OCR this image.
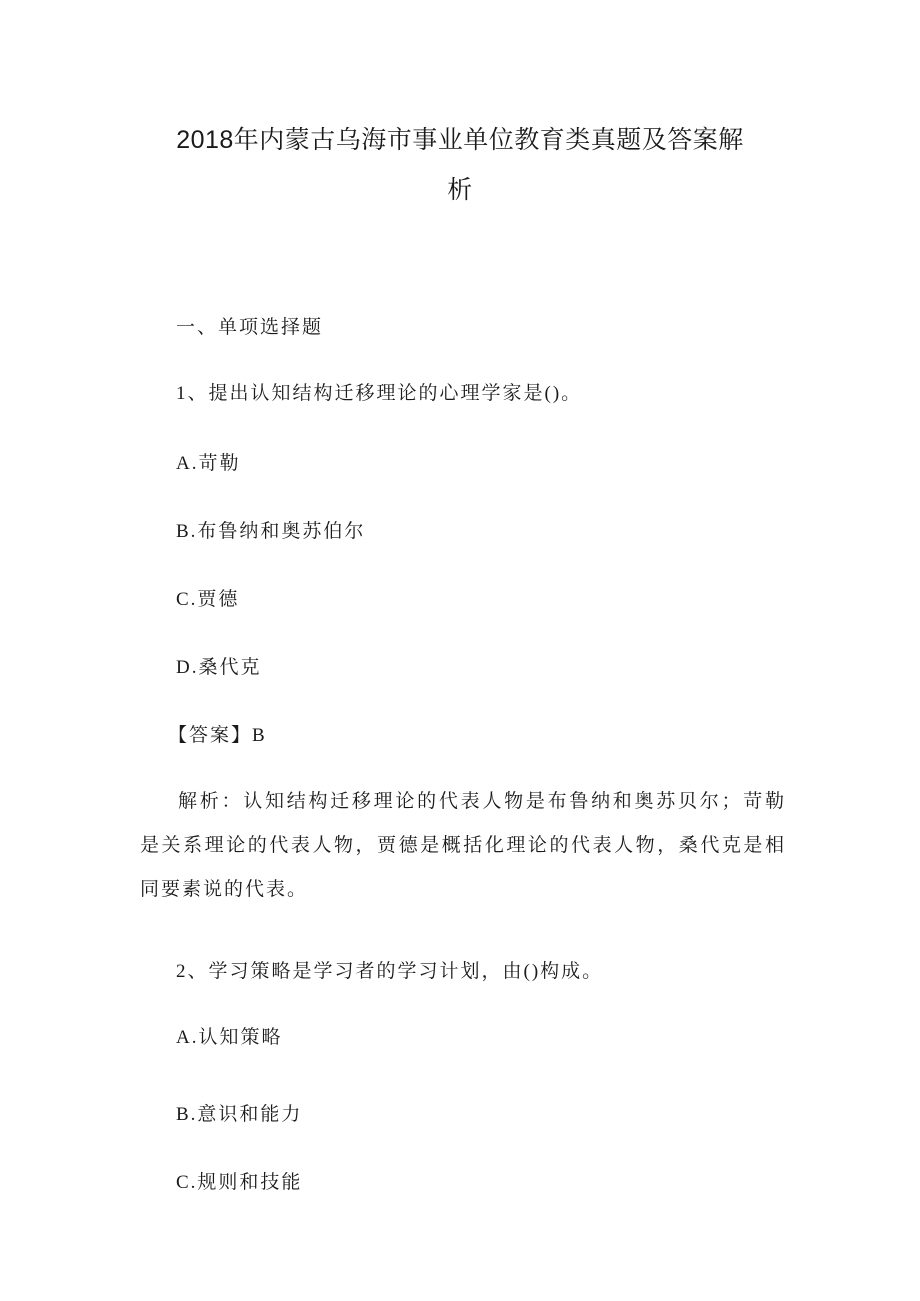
2018年内蒙古乌海市事业单位教育类真题及答案解
析
一、单项选择题
1、提出认知结构迁移理论的心理学家是()。
A.苛勒
B.布鲁纳和奥苏伯尔
C.贾德
D.桑代克
【答案】B
解析：认知结构迁移理论的代表人物是布鲁纳和奥苏贝尔；苛勒是关系理论的代表人物，贾德是概括化理论的代表人物，桑代克是相同要素说的代表。
2、学习策略是学习者的学习计划，由()构成。
A.认知策略
B.意识和能力
C.规则和技能
